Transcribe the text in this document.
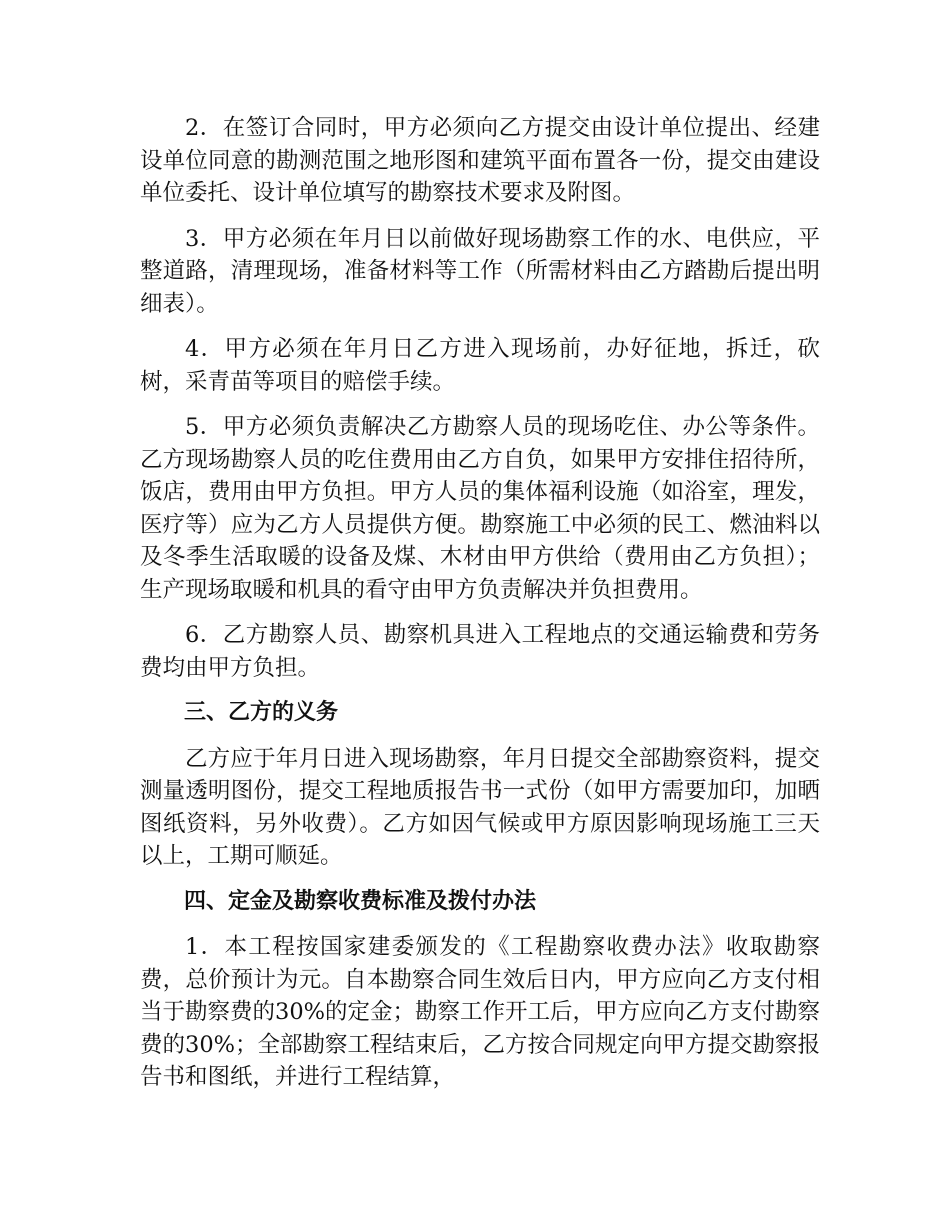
2．在签订合同时，甲方必须向乙方提交由设计单位提出、经建设单位同意的勘测范围之地形图和建筑平面布置各一份，提交由建设单位委托、设计单位填写的勘察技术要求及附图。

3．甲方必须在年月日以前做好现场勘察工作的水、电供应，平整道路，清理现场，准备材料等工作（所需材料由乙方踏勘后提出明细表）。

4．甲方必须在年月日乙方进入现场前，办好征地，拆迁，砍树，采青苗等项目的赔偿手续。

5．甲方必须负责解决乙方勘察人员的现场吃住、办公等条件。乙方现场勘察人员的吃住费用由乙方自负，如果甲方安排住招待所，饭店，费用由甲方负担。甲方人员的集体福利设施（如浴室，理发，医疗等）应为乙方人员提供方便。勘察施工中必须的民工、燃油料以及冬季生活取暖的设备及煤、木材由甲方供给（费用由乙方负担）；生产现场取暖和机具的看守由甲方负责解决并负担费用。

6．乙方勘察人员、勘察机具进入工程地点的交通运输费和劳务费均由甲方负担。

三、乙方的义务

乙方应于年月日进入现场勘察，年月日提交全部勘察资料，提交测量透明图份，提交工程地质报告书一式份（如甲方需要加印，加晒图纸资料，另外收费）。乙方如因气候或甲方原因影响现场施工三天以上，工期可顺延。

四、定金及勘察收费标准及拨付办法

1．本工程按国家建委颁发的《工程勘察收费办法》收取勘察费，总价预计为元。自本勘察合同生效后日内，甲方应向乙方支付相当于勘察费的30%的定金；勘察工作开工后，甲方应向乙方支付勘察费的30%；全部勘察工程结束后，乙方按合同规定向甲方提交勘察报告书和图纸，并进行工程结算，
